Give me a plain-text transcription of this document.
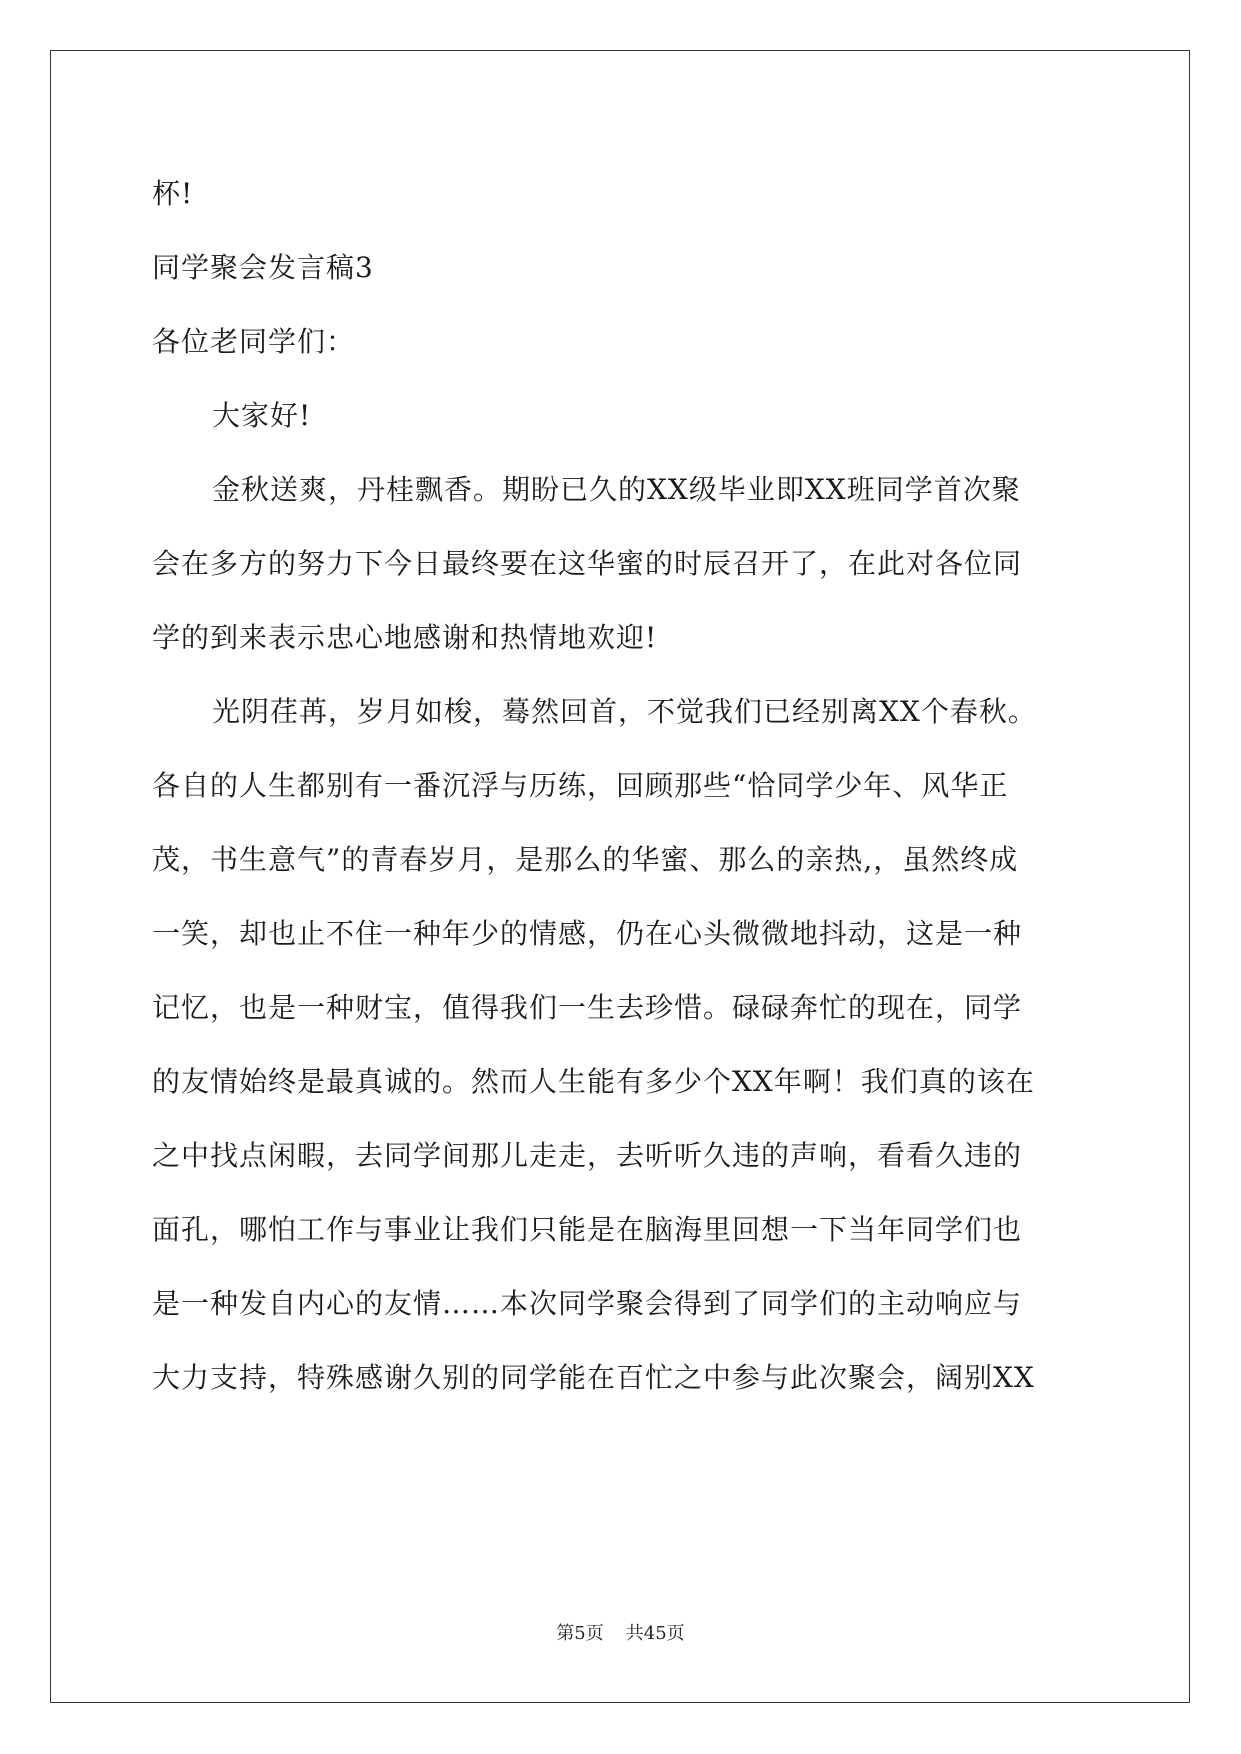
杯!
同学聚会发言稿3
各位老同学们：
大家好!
金秋送爽，丹桂飘香。期盼已久的XX级毕业即XX班同学首次聚
会在多方的努力下今日最终要在这华蜜的时辰召开了，在此对各位同
学的到来表示忠心地感谢和热情地欢迎!
光阴荏苒，岁月如梭，蓦然回首，不觉我们已经别离XX个春秋。
各自的人生都别有一番沉浮与历练，回顾那些“恰同学少年、风华正
茂，书生意气”的青春岁月，是那么的华蜜、那么的亲热,，虽然终成
一笑，却也止不住一种年少的情感，仍在心头微微地抖动，这是一种
记忆，也是一种财宝，值得我们一生去珍惜。碌碌奔忙的现在，同学
的友情始终是最真诚的。然而人生能有多少个XX年啊！我们真的该在
之中找点闲暇，去同学间那儿走走，去听听久违的声响，看看久违的
面孔，哪怕工作与事业让我们只能是在脑海里回想一下当年同学们也
是一种发自内心的友情……本次同学聚会得到了同学们的主动响应与
大力支持，特殊感谢久别的同学能在百忙之中参与此次聚会，阔别XX
第5页 共45页
